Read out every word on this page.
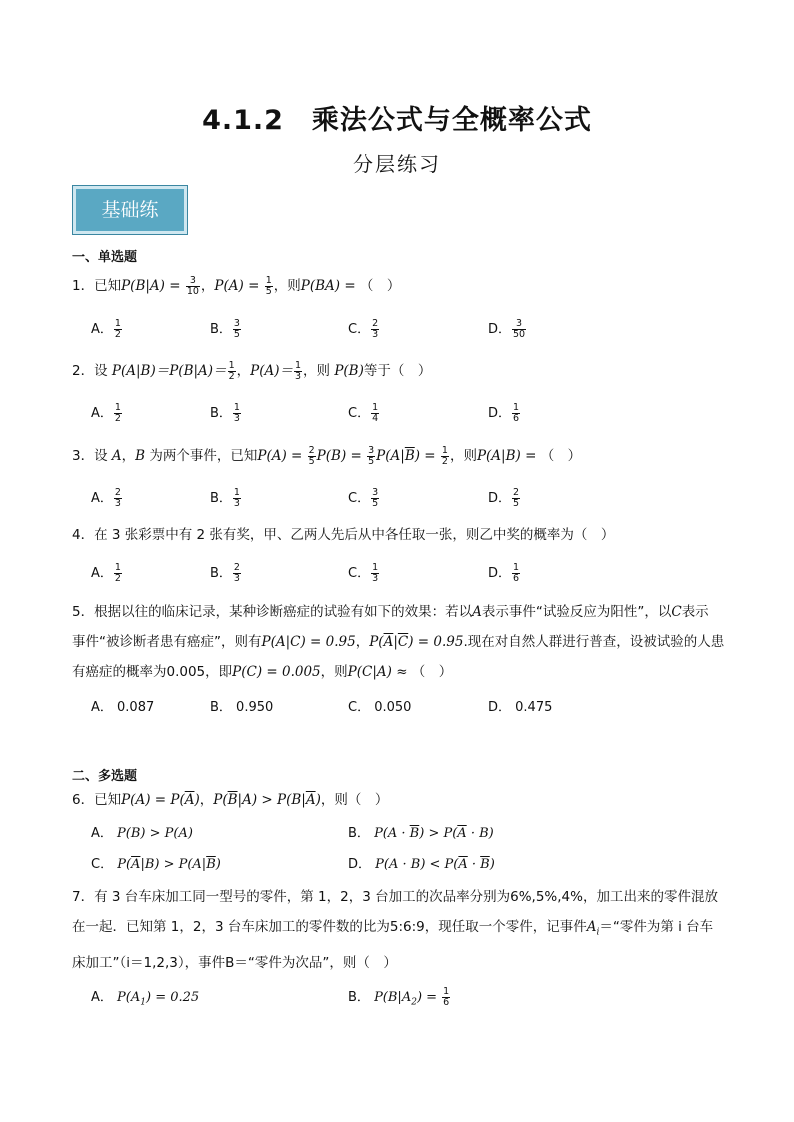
4.1.2　乘法公式与全概率公式
分层练习
基础练
一、单选题
1．已知$P(B|A) = \frac{3}{10}$ ，$P(A) = \frac{1}{5}$ ，则P(BA) = （　）
A． $\frac{1}{2}$	B． $\frac{3}{5}$	C． $\frac{2}{3}$	D． $\frac{3}{50}$
2．设 $P(A|B)=P(B|A)= \frac{1}{2}$ ，$P(A)= \frac{1}{3}$ ，则 P(B)等于（　）
A． $\frac{1}{2}$	B． $\frac{1}{3}$	C． $\frac{1}{4}$	D． $\frac{1}{6}$
3．设 A，B 为两个事件，已知$P(A) = \frac{2}{5} P(B) = \frac{3}{5} P(A|\overline{B}) = \frac{1}{2}$ ，则P(A|B) = （　）
A． $\frac{2}{3}$	B． $\frac{1}{3}$	C． $\frac{3}{5}$	D． $\frac{2}{5}$
4．在 3 张彩票中有 2 张有奖，甲、乙两人先后从中各任取一张，则乙中奖的概率为（　）
A． $\frac{1}{2}$	B． $\frac{2}{3}$	C． $\frac{1}{3}$	D． $\frac{1}{6}$
5．根据以往的临床记录，某种诊断癌症的试验有如下的效果：若以A表示事件“试验反应为阳性”，以C表示
事件“被诊断者患有癌症”，则有P(A|C) = 0.95，$P(\overline{A}|\overline{C}) = 0.95$.现在对自然人群进行普查，设被试验的人患
有癌症的概率为0.005，即P(C) = 0.005，则P(C|A) ≈ （　）
A． 0.087	B． 0.950	C． 0.050	D． 0.475
二、多选题
6．已知$P(A) = P(\overline{A})$，$P(\overline{B}|A) > P(B|\overline{A})$，则（　）
A． P(B) > P(A)	B． $P(A \cdot \overline{B}) > P(\overline{A} \cdot B)$
C． $P(\overline{A}|B) > P(A|\overline{B})$	D． $P(A \cdot B) < P(\overline{A} \cdot \overline{B})$
7．有 3 台车床加工同一型号的零件，第 1，2，3 台加工的次品率分别为6%,5%,4%，加工出来的零件混放
在一起．已知第 1，2，3 台车床加工的零件数的比为5:6:9，现任取一个零件，记事件$A_i=“$零件为第 i 台车
床加工”（i＝1,2,3），事件B＝“零件为次品”，则（　）
A． $P(A_1) = 0.25$	B． $P(B|A_2) = \frac{1}{6}$
